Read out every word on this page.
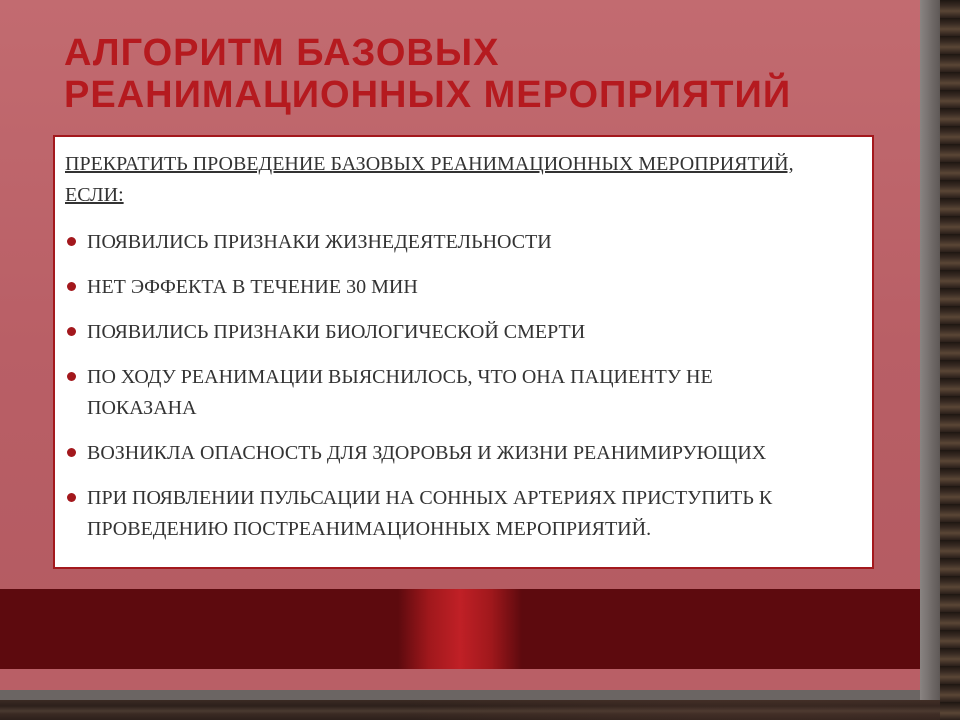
АЛГОРИТМ БАЗОВЫХ РЕАНИМАЦИОННЫХ МЕРОПРИЯТИЙ
ПРЕКРАТИТЬ ПРОВЕДЕНИЕ БАЗОВЫХ РЕАНИМАЦИОННЫХ МЕРОПРИЯТИЙ, ЕСЛИ:
ПОЯВИЛИСЬ ПРИЗНАКИ ЖИЗНЕДЕЯТЕЛЬНОСТИ
НЕТ ЭФФЕКТА В ТЕЧЕНИЕ 30 МИН
ПОЯВИЛИСЬ ПРИЗНАКИ БИОЛОГИЧЕСКОЙ СМЕРТИ
ПО ХОДУ РЕАНИМАЦИИ ВЫЯСНИЛОСЬ, ЧТО ОНА ПАЦИЕНТУ НЕ ПОКАЗАНА
ВОЗНИКЛА ОПАСНОСТЬ ДЛЯ ЗДОРОВЬЯ И ЖИЗНИ РЕАНИМИРУЮЩИХ
ПРИ ПОЯВЛЕНИИ ПУЛЬСАЦИИ НА СОННЫХ АРТЕРИЯХ ПРИСТУПИТЬ К ПРОВЕДЕНИЮ ПОСТРЕАНИМАЦИОННЫХ МЕРОПРИЯТИЙ.
